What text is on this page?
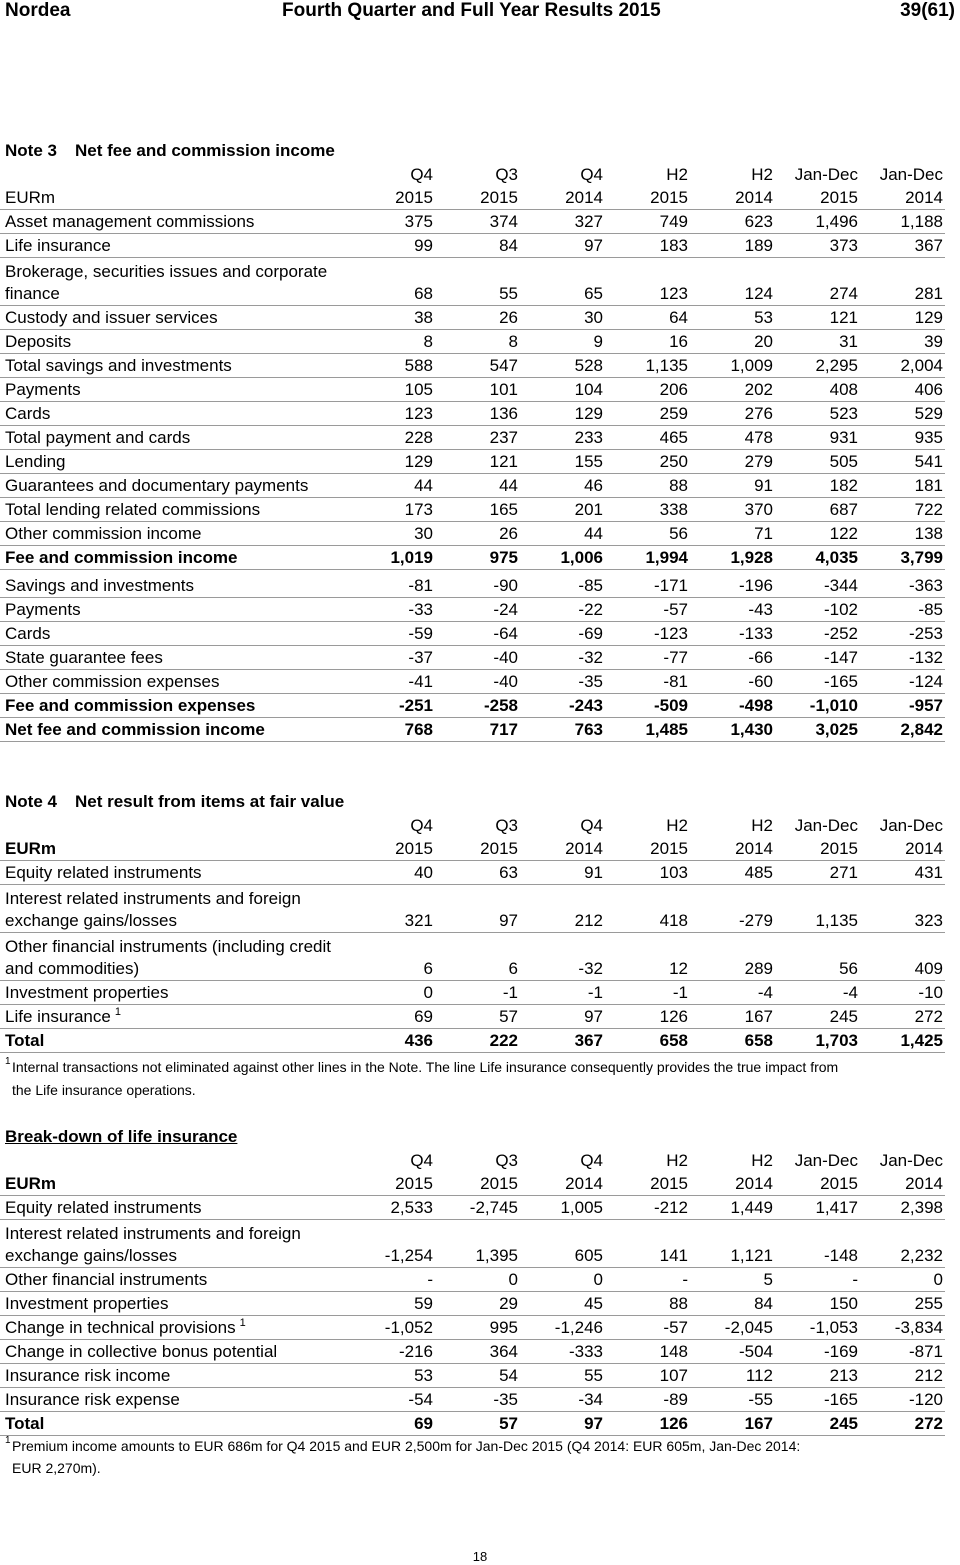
Nordea	Fourth Quarter and Full Year Results 2015	39(61)
Note 3	Net fee and commission income
Q4	Q3	Q4	H2	H2	Jan-Dec	Jan-Dec
EURm	2015	2015	2014	2015	2014	2015	2014
Asset management commissions	375	374	327	749	623	1,496	1,188
Life insurance	99	84	97	183	189	373	367
Brokerage, securities issues and corporate
finance	68	55	65	123	124	274	281
Custody and issuer services	38	26	30	64	53	121	129
Deposits	8	8	9	16	20	31	39
Total savings and investments	588	547	528	1,135	1,009	2,295	2,004
Payments	105	101	104	206	202	408	406
Cards	123	136	129	259	276	523	529
Total payment and cards	228	237	233	465	478	931	935
Lending	129	121	155	250	279	505	541
Guarantees and documentary payments	44	44	46	88	91	182	181
Total lending related commissions	173	165	201	338	370	687	722
Other commission income	30	26	44	56	71	122	138
Fee and commission income	1,019	975	1,006	1,994	1,928	4,035	3,799
Savings and investments	-81	-90	-85	-171	-196	-344	-363
Payments	-33	-24	-22	-57	-43	-102	-85
Cards	-59	-64	-69	-123	-133	-252	-253
State guarantee fees	-37	-40	-32	-77	-66	-147	-132
Other commission expenses	-41	-40	-35	-81	-60	-165	-124
Fee and commission expenses	-251	-258	-243	-509	-498	-1,010	-957
Net fee and commission income	768	717	763	1,485	1,430	3,025	2,842
Note 4	Net result from items at fair value
Q4	Q3	Q4	H2	H2	Jan-Dec	Jan-Dec
EURm	2015	2015	2014	2015	2014	2015	2014
Equity related instruments	40	63	91	103	485	271	431
Interest related instruments and foreign
exchange gains/losses	321	97	212	418	-279	1,135	323
Other financial instruments (including credit
and commodities)	6	6	-32	12	289	56	409
Investment properties	0	-1	-1	-1	-4	-4	-10
Life insurance $^1$	69	57	97	126	167	245	272
Total	436	222	367	658	658	1,703	1,425
1 Internal transactions not eliminated against other lines in the Note. The line Life insurance consequently provides the true impact from
the Life insurance operations.
Break-down of life insurance
Q4	Q3	Q4	H2	H2	Jan-Dec	Jan-Dec
EURm	2015	2015	2014	2015	2014	2015	2014
Equity related instruments	2,533	-2,745	1,005	-212	1,449	1,417	2,398
Interest related instruments and foreign
exchange gains/losses	-1,254	1,395	605	141	1,121	-148	2,232
Other financial instruments	-	0	0	-	5	-	0
Investment properties	59	29	45	88	84	150	255
Change in technical provisions $^1$	-1,052	995	-1,246	-57	-2,045	-1,053	-3,834
Change in collective bonus potential	-216	364	-333	148	-504	-169	-871
Insurance risk income	53	54	55	107	112	213	212
Insurance risk expense	-54	-35	-34	-89	-55	-165	-120
Total	69	57	97	126	167	245	272
1 Premium income amounts to EUR 686m for Q4 2015 and EUR 2,500m for Jan-Dec 2015 (Q4 2014: EUR 605m, Jan-Dec 2014:
EUR 2,270m).
18
